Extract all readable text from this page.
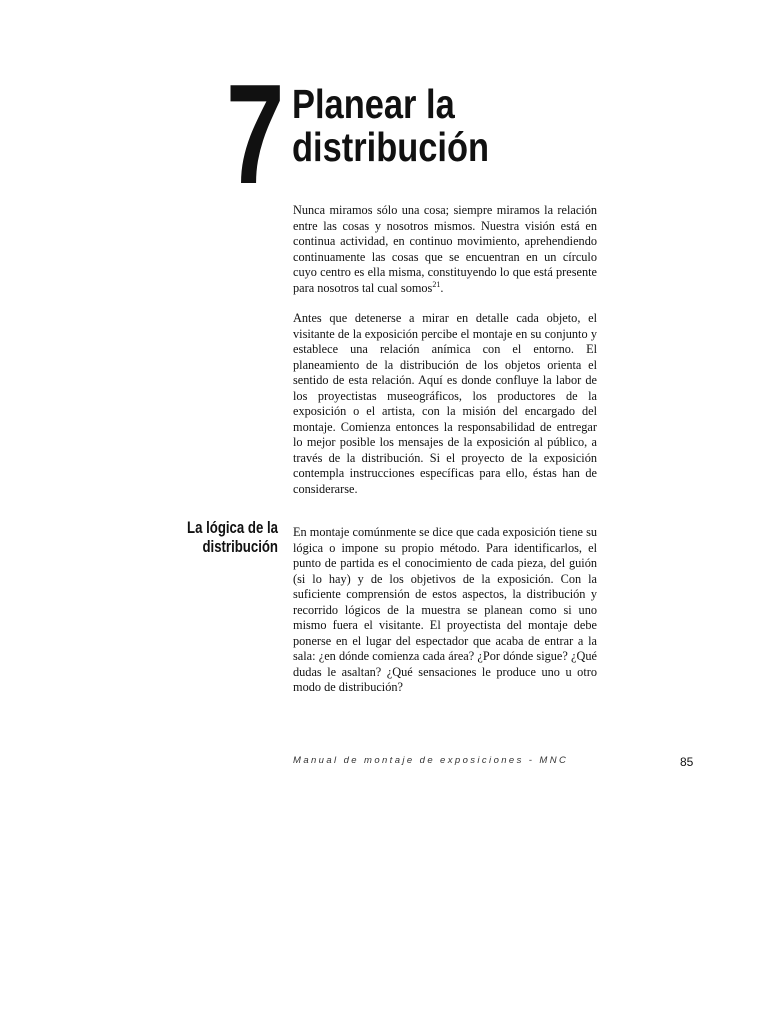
7 Planear la
distribución

Nunca miramos sólo una cosa; siempre miramos la relación entre las cosas y nosotros mismos. Nuestra visión está en continua actividad, en continuo movimiento, aprehendiendo continuamente las cosas que se encuentran en un círculo cuyo centro es ella misma, constituyendo lo que está presente para nosotros tal cual somos$^{21}$.

Antes que detenerse a mirar en detalle cada objeto, el visitante de la exposición percibe el montaje en su conjunto y establece una relación anímica con el entorno. El planeamiento de la distribución de los objetos orienta el sentido de esta relación. Aquí es donde confluye la labor de los proyectistas museográficos, los productores de la exposición o el artista, con la misión del encargado del montaje. Comienza entonces la responsabilidad de entregar lo mejor posible los mensajes de la exposición al público, a través de la distribución. Si el proyecto de la exposición contempla instrucciones específicas para ello, éstas han de considerarse.

La lógica de la
distribución

En montaje comúnmente se dice que cada exposición tiene su lógica o impone su propio método. Para identificarlos, el punto de partida es el conocimiento de cada pieza, del guión (si lo hay) y de los objetivos de la exposición. Con la suficiente comprensión de estos aspectos, la distribución y recorrido lógicos de la muestra se planean como si uno mismo fuera el visitante. El proyectista del montaje debe ponerse en el lugar del espectador que acaba de entrar a la sala: ¿en dónde comienza cada área? ¿Por dónde sigue? ¿Qué dudas le asaltan? ¿Qué sensaciones le produce uno u otro modo de distribución?

Manual de montaje de exposiciones - MNC	85
